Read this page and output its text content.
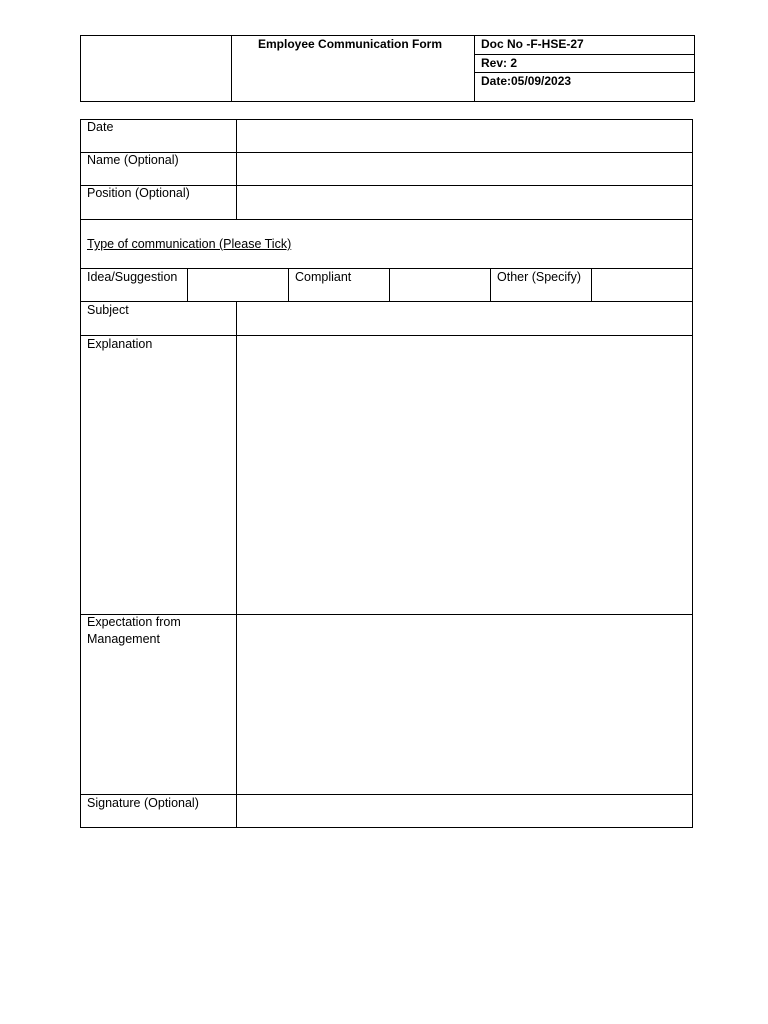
Employee Communication Form	Doc No -F-HSE-27
Rev: 2
Date:05/09/2023
Date
Name (Optional)
Position (Optional)
Type of communication (Please Tick)
Idea/Suggestion	Compliant	Other (Specify)
Subject
Explanation
Expectation from Management
Signature (Optional)
